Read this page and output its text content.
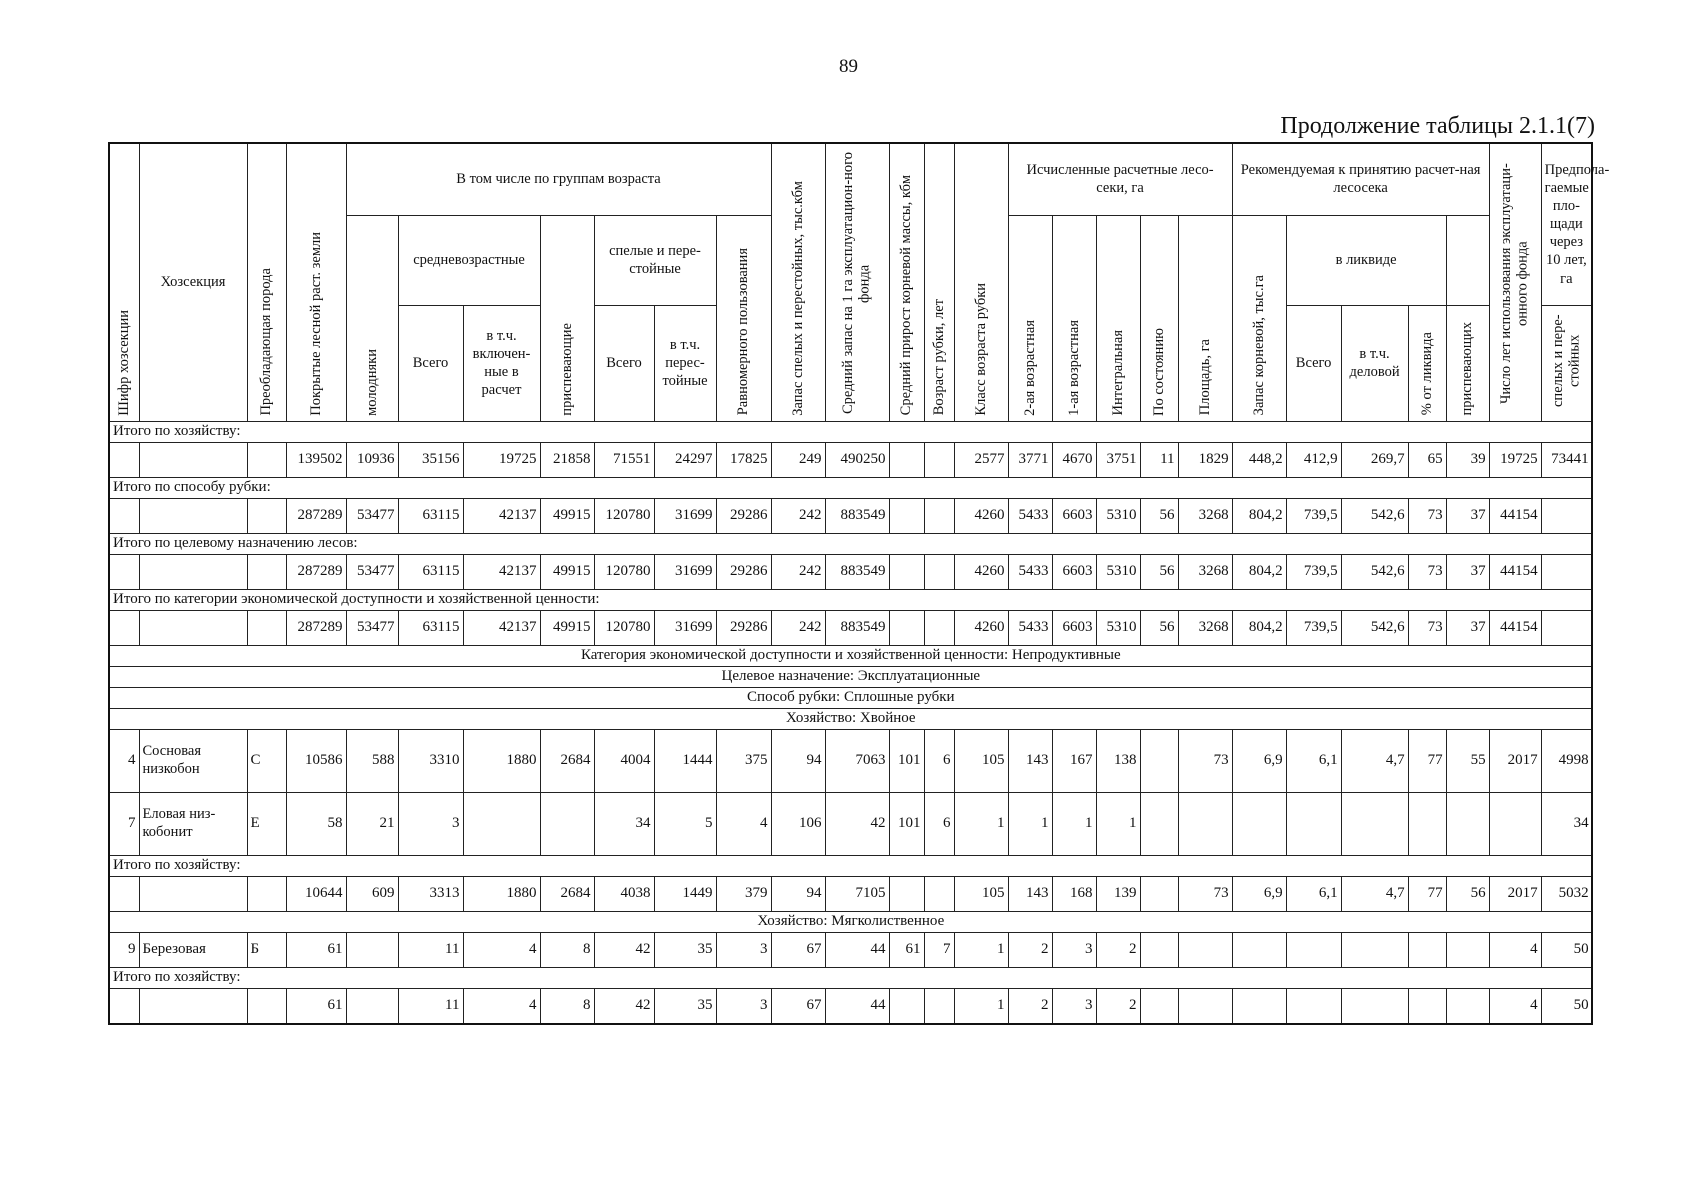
89
Продолжение таблицы 2.1.1(7)
Шифр хозсекции	Хозсекция	Преобладающая порода	Покрытые лесной раст. земли	В том числе по группам возраста							Запас спелых и перестойных, тыс.кбм	Средний запас на 1 га эксплуатацион-ного фонда	Средний прирост корневой массы, кбм	Возраст рубки, лет	Класс возраста рубки	Исчисленные расчетные лесо-секи, га					Рекомендуемая к принятию расчет-ная лесосека					Число лет использования эксплуатаци-онного фонда	Предпола-гаемые пло-щади через 10 лет, га
				молодняки	средневозрастные		приспевающие	спелые и пере-стойные		Равномерного пользования						2-ая возрастная	1-ая возрастная	Интегральная	По состоянию	Площадь, га	Запас корневой, тыс.га	в ликвиде					
					Всего	в т.ч. включен-ные в расчет		Всего	в т.ч. перес-тойные													Всего	в т.ч. деловой	% от ликвида	приспевающих		спелых и пере-стойных
Итого по хозяйству:																											
			139502	10936	35156	19725	21858	71551	24297	17825	249	490250			2577	3771	4670	3751	11	1829	448,2	412,9	269,7	65	39	19725	73441
Итого по способу рубки:																											
			287289	53477	63115	42137	49915	120780	31699	29286	242	883549			4260	5433	6603	5310	56	3268	804,2	739,5	542,6	73	37	44154	
Итого по целевому назначению лесов:																											
			287289	53477	63115	42137	49915	120780	31699	29286	242	883549			4260	5433	6603	5310	56	3268	804,2	739,5	542,6	73	37	44154	
Итого по категории экономической доступности и хозяйственной ценности:																											
			287289	53477	63115	42137	49915	120780	31699	29286	242	883549			4260	5433	6603	5310	56	3268	804,2	739,5	542,6	73	37	44154	
Категория экономической доступности и хозяйственной ценности: Непродуктивные																											
Целевое назначение: Эксплуатационные																											
Способ рубки: Сплошные рубки																											
Хозяйство: Хвойное																											
4	Сосновая низкобон	С	10586	588	3310	1880	2684	4004	1444	375	94	7063	101	6	105	143	167	138		73	6,9	6,1	4,7	77	55	2017	4998
7	Еловая низ-кобонит	Е	58	21	3			34	5	4	106	42	101	6	1	1	1	1									34
Итого по хозяйству:																											
			10644	609	3313	1880	2684	4038	1449	379	94	7105			105	143	168	139		73	6,9	6,1	4,7	77	56	2017	5032
Хозяйство: Мягколиственное																											
9	Березовая	Б	61		11	4	8	42	35	3	67	44	61	7	1	2	3	2								4	50
Итого по хозяйству:																											
			61		11	4	8	42	35	3	67	44			1	2	3	2								4	50
